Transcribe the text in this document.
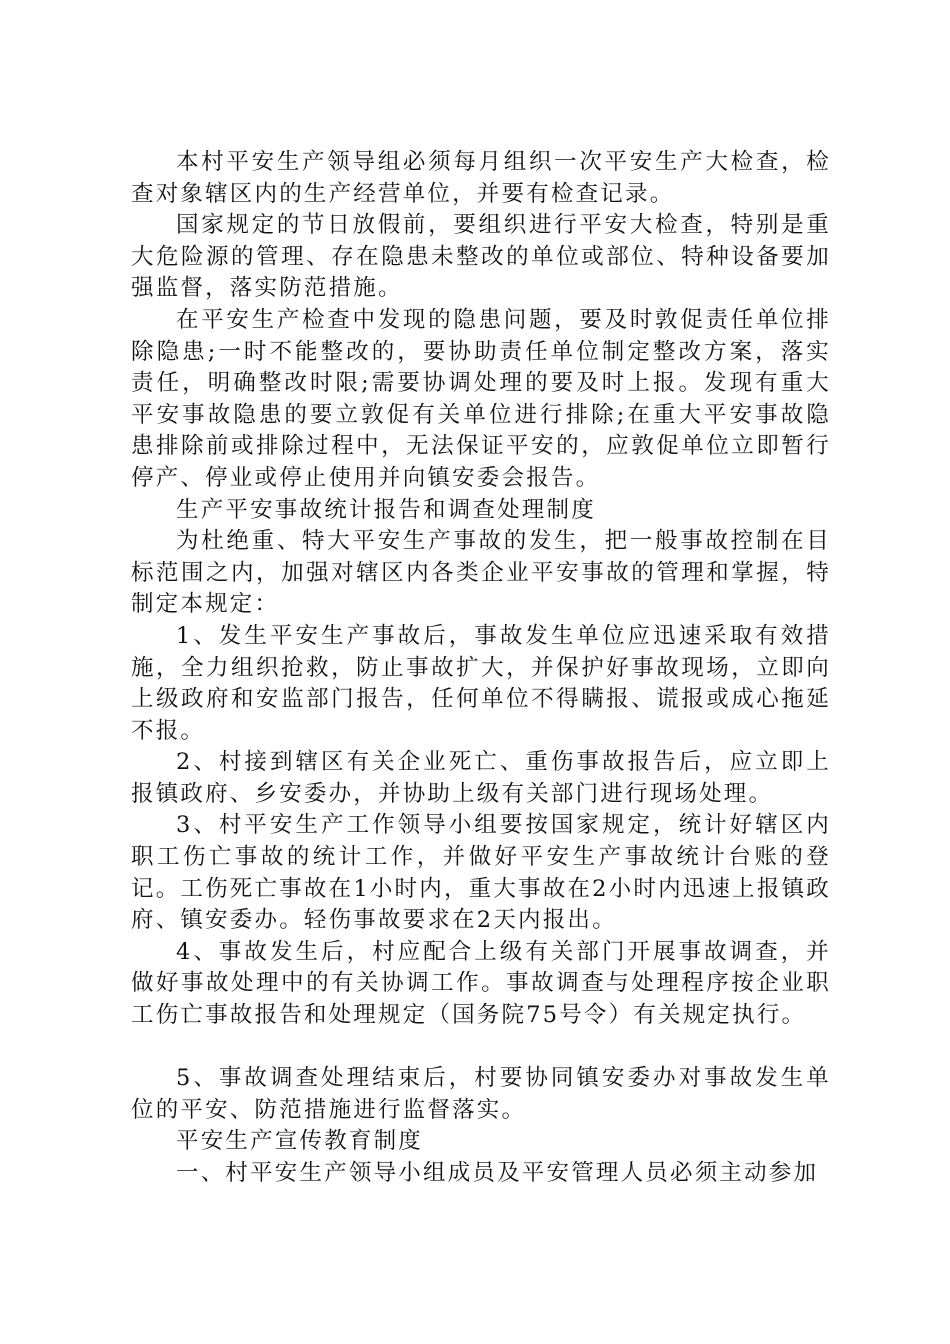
本村平安生产领导组必须每月组织一次平安生产大检查，检查对象辖区内的生产经营单位，并要有检查记录。

国家规定的节日放假前，要组织进行平安大检查，特别是重大危险源的管理、存在隐患未整改的单位或部位、特种设备要加强监督，落实防范措施。

在平安生产检查中发现的隐患问题，要及时敦促责任单位排除隐患;一时不能整改的，要协助责任单位制定整改方案，落实责任，明确整改时限;需要协调处理的要及时上报。发现有重大平安事故隐患的要立敦促有关单位进行排除;在重大平安事故隐患排除前或排除过程中，无法保证平安的，应敦促单位立即暂行停产、停业或停止使用并向镇安委会报告。

生产平安事故统计报告和调查处理制度

为杜绝重、特大平安生产事故的发生，把一般事故控制在目标范围之内，加强对辖区内各类企业平安事故的管理和掌握，特制定本规定：

1、发生平安生产事故后，事故发生单位应迅速采取有效措施，全力组织抢救，防止事故扩大，并保护好事故现场，立即向上级政府和安监部门报告，任何单位不得瞒报、谎报或成心拖延不报。

2、村接到辖区有关企业死亡、重伤事故报告后，应立即上报镇政府、乡安委办，并协助上级有关部门进行现场处理。

3、村平安生产工作领导小组要按国家规定，统计好辖区内职工伤亡事故的统计工作，并做好平安生产事故统计台账的登记。工伤死亡事故在1小时内，重大事故在2小时内迅速上报镇政府、镇安委办。轻伤事故要求在2天内报出。

4、事故发生后，村应配合上级有关部门开展事故调查，并做好事故处理中的有关协调工作。事故调查与处理程序按企业职工伤亡事故报告和处理规定（国务院75号令）有关规定执行。

5、事故调查处理结束后，村要协同镇安委办对事故发生单位的平安、防范措施进行监督落实。

平安生产宣传教育制度

一、村平安生产领导小组成员及平安管理人员必须主动参加
